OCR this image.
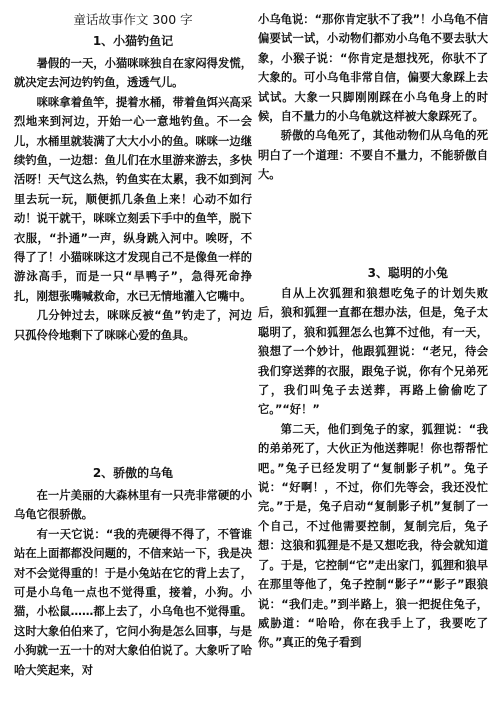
童话故事作文 300 字

1、小猫钓鱼记

暑假的一天，小猫咪咪独自在家闷得发慌，就决定去河边钓钓鱼，透透气儿。

咪咪拿着鱼竿，提着水桶，带着鱼饵兴高采烈地来到河边，开始一心一意地钓鱼。不一会儿，水桶里就装满了大大小小的鱼。咪咪一边继续钓鱼，一边想：鱼儿们在水里游来游去，多快活呀！天气这么热，钓鱼实在太累，我不如到河里去玩一玩，顺便抓几条鱼上来！心动不如行动！说干就干，咪咪立刻丢下手中的鱼竿，脱下衣服，“扑通”一声，纵身跳入河中。唉呀，不得了了！小猫咪咪这才发现自己不是像鱼一样的游泳高手，而是一只“旱鸭子”，急得死命挣扎，刚想张嘴喊救命，水已无情地灌入它嘴中。

几分钟过去，咪咪反被“鱼”钓走了，河边只孤伶伶地剩下了咪咪心爱的鱼具。

2、骄傲的乌龟

在一片美丽的大森林里有一只壳非常硬的小乌龟它很骄傲。

有一天它说：“我的壳硬得不得了，不管谁站在上面都都没问题的，不信来站一下，我是决对不会觉得重的！于是小兔站在它的背上去了，可是小乌龟一点也不觉得重，接着，小狗。小猫，小松鼠……都上去了，小乌龟也不觉得重。这时大象伯伯来了，它问小狗是怎么回事，与是小狗就一五一十的对大象伯伯说了。大象听了哈哈大笑起来，对

小乌龟说：“那你肯定驮不了我”！小乌龟不信偏要试一试，小动物们都劝小乌龟不要去驮大象，小猴子说：“你肯定是想找死，你驮不了大象的。可小乌龟非常自信，偏要大象踩上去试试。大象一只脚刚刚踩在小乌龟身上的时候，自不量力的小乌龟就这样被大象踩死了。

骄傲的乌龟死了，其他动物们从乌龟的死明白了一个道理：不要自不量力，不能骄傲自大。

3、聪明的小兔

自从上次狐狸和狼想吃兔子的计划失败后，狼和狐狸一直都在想办法，但是，兔子太聪明了，狼和狐狸怎么也算不过他，有一天，狼想了一个妙计，他跟狐狸说：“老兄，待会我们穿送葬的衣服，跟兔子说，你有个兄弟死了，我们叫兔子去送葬，再路上偷偷吃了它。”“好！”

第二天，他们到兔子的家，狐狸说：“我的弟弟死了，大伙正为他送葬呢！你也帮帮忙吧。”兔子已经发明了“复制影子机”。兔子说：“好啊！，不过，你们先等会，我还没忙完。”于是，兔子启动“复制影子机”复制了一个自己，不过他需要控制，复制完后，兔子想：这狼和狐狸是不是又想吃我，待会就知道了。于是，它控制“它”走出家门，狐狸和狼早在那里等他了，兔子控制“影子”“影子”跟狼说：“我们走。”到半路上，狼一把捉住兔子，威胁道：“哈哈，你在我手上了，我要吃了你。”真正的兔子看到
